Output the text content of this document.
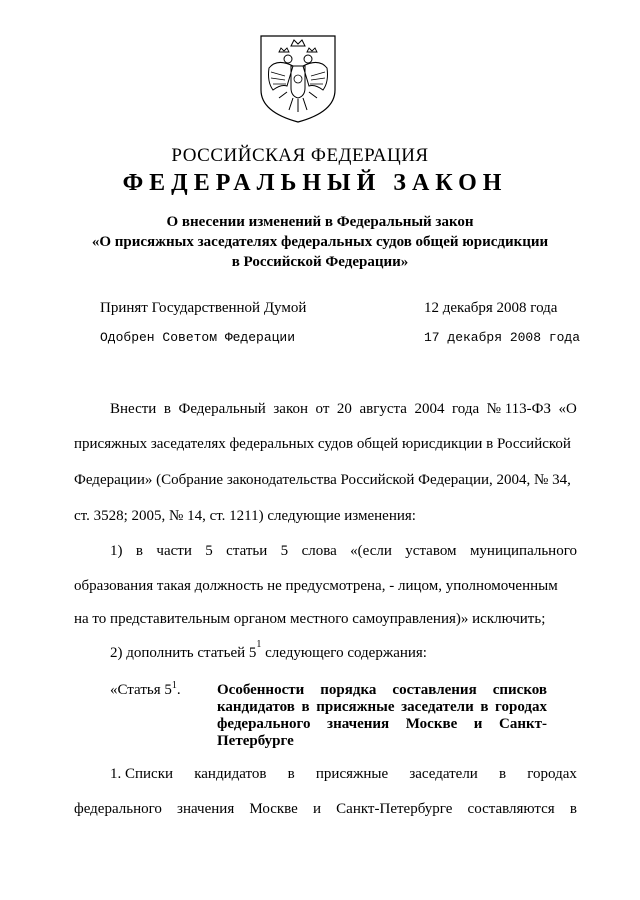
РОССИЙСКАЯ ФЕДЕРАЦИЯ
ФЕДЕРАЛЬНЫЙ ЗАКОН
О внесении изменений в Федеральный закон
«О присяжных заседателях федеральных судов общей юрисдикции
в Российской Федерации»
Принят Государственной Думой	12 декабря 2008 года
Одобрен Советом Федерации	17 декабря 2008 года
Внести в Федеральный закон от 20 августа 2004 года № 113-ФЗ «О
присяжных заседателях федеральных судов общей юрисдикции в Российской
Федерации» (Собрание законодательства Российской Федерации, 2004, № 34,
ст. 3528; 2005, № 14, ст. 1211) следующие изменения:
1) в части 5 статьи 5 слова «(если уставом муниципального
образования такая должность не предусмотрена, - лицом, уполномоченным
на то представительным органом местного самоуправления)» исключить;
2) дополнить статьей 5
1
следующего содержания:
«Статья $5^1$. Особенности порядка составления списков кандидатов в присяжные заседатели в городах федерального значения Москве и Санкт-Петербурге
1. Списки кандидатов в присяжные заседатели в городах
федерального значения Москве и Санкт-Петербурге составляются в
